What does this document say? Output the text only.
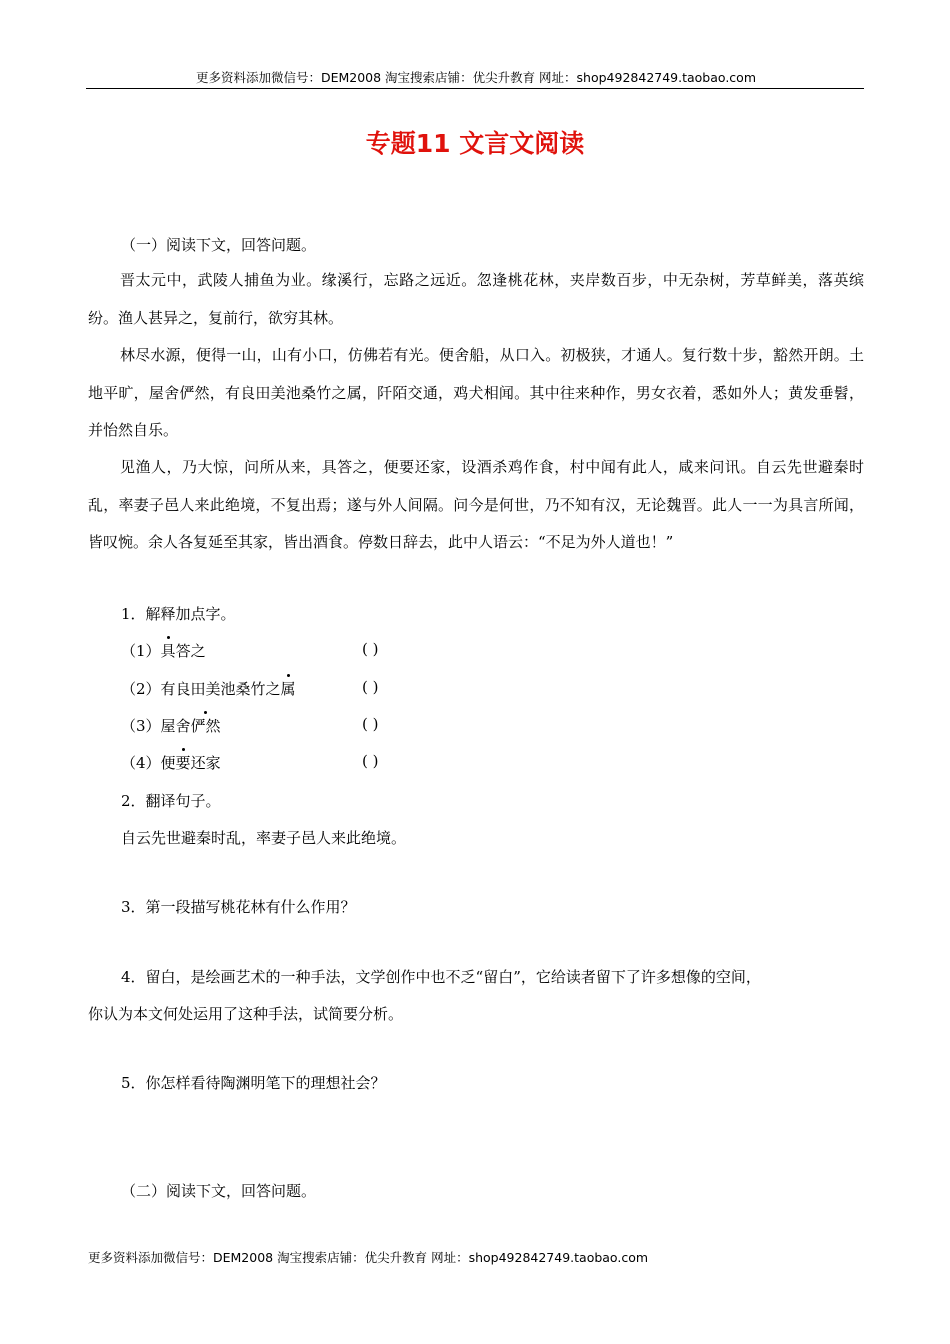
更多资料添加微信号：DEM2008 淘宝搜索店铺：优尖升教育 网址：shop492842749.taobao.com
专题11 文言文阅读

（一）阅读下文，回答问题。

晋太元中，武陵人捕鱼为业。缘溪行，忘路之远近。忽逢桃花林，夹岸数百步，中无杂树，芳草鲜美，落英缤纷。渔人甚异之，复前行，欲穷其林。

林尽水源，便得一山，山有小口，仿佛若有光。便舍船，从口入。初极狭，才通人。复行数十步，豁然开朗。土地平旷，屋舍俨然，有良田美池桑竹之属，阡陌交通，鸡犬相闻。其中往来种作，男女衣着，悉如外人；黄发垂髫，并怡然自乐。

见渔人，乃大惊，问所从来，具答之，便要还家，设酒杀鸡作食，村中闻有此人，咸来问讯。自云先世避秦时乱，率妻子邑人来此绝境，不复出焉；遂与外人间隔。问今是何世，乃不知有汉，无论魏晋。此人一一为具言所闻，皆叹惋。余人各复延至其家，皆出酒食。停数日辞去，此中人语云：“不足为外人道也！”

1．解释加点字。
（1）具答之	( )
（2）有良田美池桑竹之属	( )
（3）屋舍俨然	( )
（4）便要还家	( )
2．翻译句子。
自云先世避秦时乱，率妻子邑人来此绝境。
3．第一段描写桃花林有什么作用？
4．留白，是绘画艺术的一种手法，文学创作中也不乏“留白”，它给读者留下了许多想像的空间，
你认为本文何处运用了这种手法，试简要分析。
5．你怎样看待陶渊明笔下的理想社会？
（二）阅读下文，回答问题。
更多资料添加微信号：DEM2008 淘宝搜索店铺：优尖升教育 网址：shop492842749.taobao.com
